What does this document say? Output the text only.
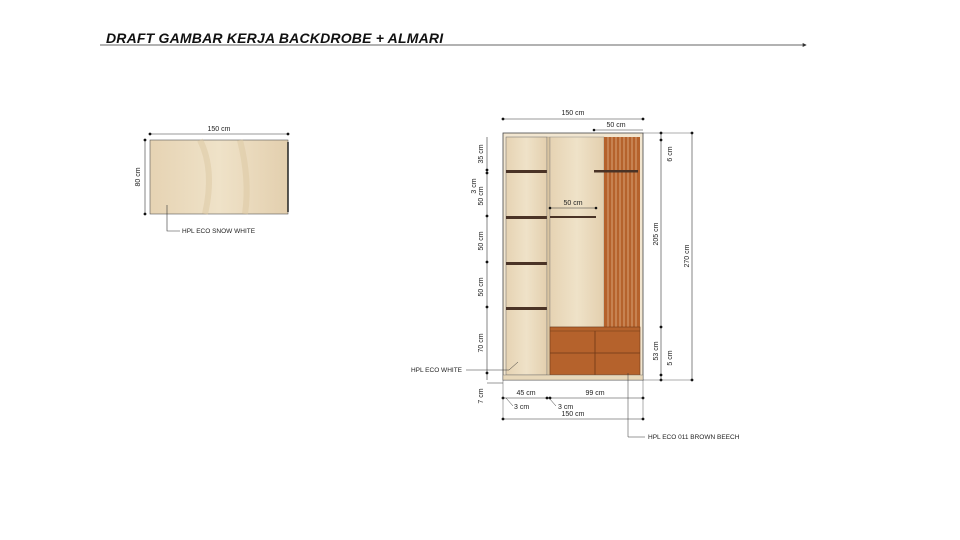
DRAFT GAMBAR KERJA BACKDROBE + ALMARI
150 cm
80 cm
HPL ECO SNOW WHITE
150 cm
50 cm
50 cm
35 cm
3 cm
50 cm
50 cm
50 cm
70 cm
7 cm
6 cm
205 cm
53 cm 5 cm
270 cm
45 cm	99 cm
3 cm	3 cm
150 cm
HPL ECO WHITE
HPL ECO 011 BROWN BEECH
